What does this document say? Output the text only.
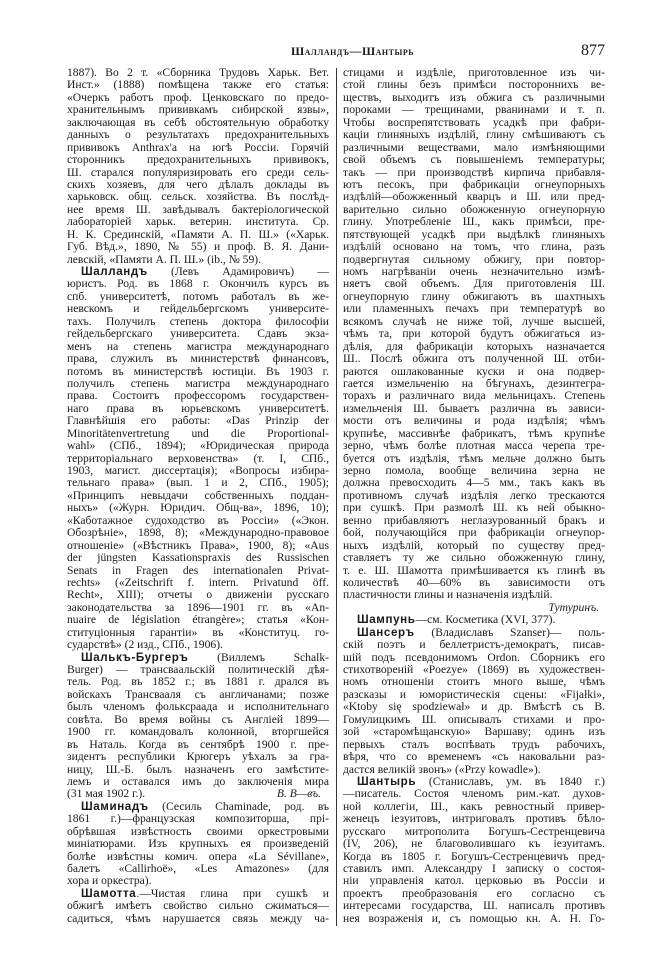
Шалландъ—Шантырь	877
1887). Во 2 т. «Сборника Трудовъ Харьк. Вет.
Инст.» (1888) помѣщена также его статья:
«Очеркъ работъ проф. Ценковскаго по предо-
хранительнымъ прививкамъ сибирской язвы»,
заключающая въ себѣ обстоятельную обработку
данныхъ о результатахъ предохранительныхъ
прививокъ Anthrax'а на югѣ Россіи. Горячій
сторонникъ предохранительныхъ прививокъ,
Ш. старался популяризировать его среди сель-
скихъ хозяевъ, для чего дѣлалъ доклады въ
харьковск. общ. сельск. хозяйства. Въ послѣд-
нее время Ш. завѣдывалъ бактеріологической
лабораторіей харьк. ветерин. института. Ср.
Н. К. Срединскій, «Памяти А. П. Ш.» («Харьк.
Губ. Вѣд.», 1890, № 55) и проф. В. Я. Дани-
левскій, «Памяти А. П. Ш.» (ib., № 59).
Шалландъ (Левъ Адамировичъ) —
юристъ. Род. въ 1868 г. Окончилъ курсъ въ
спб. университетѣ, потомъ работалъ въ же-
невскомъ и гейдельбергскомъ университе-
тахъ. Получилъ степень доктора философіи
гейдельбергскаго университета. Сдавъ экза-
менъ на степень магистра международнаго
права, служилъ въ министерствѣ финансовъ,
потомъ въ министерствѣ юстиціи. Въ 1903 г.
получилъ степень магистра международнаго
права. Состоитъ профессоромъ государствен-
наго права въ юрьевскомъ университетѣ.
Главнѣйшія его работы: «Das Prinzip der
Minoritätenvertretung und die Proportional-
wahl» (СПб., 1894); «Юридическая природа
территоріальнаго верховенства» (т. I, СПб.,
1903, магист. диссертація); «Вопросы избира-
тельнаго права» (вып. 1 и 2, СПб., 1905);
«Принципъ невыдачи собственныхъ поддан-
ныхъ» («Журн. Юридич. Общ-ва», 1896, 10);
«Каботажное судоходство въ Россіи» («Экон.
Обозрѣніе», 1898, 8); «Международно-правовое
отношеніе» («Вѣстникъ Права», 1900, 8); «Aus
der jüngsten Kassationspraxis des Russischen
Senats in Fragen des internationalen Privat-
rechts» («Zeitschrift f. intern. Privatund öff.
Recht», XIII); отчеты о движеніи русскаго
законодательства за 1896—1901 гг. въ «An-
nuaire de législation étrangère»; статья «Кон-
ституціонныя гарантіи» въ «Конституц. го-
сударствѣ» (2 изд., СПб., 1906).
Шалькъ-Бургеръ (Виллемъ Schalk-
Burger) — трансваальскій политическій дѣя-
тель. Род. въ 1852 г.; въ 1881 г. дрался въ
войскахъ Трансвааля съ англичанами; позже
былъ членомъ фольксраада и исполнительнаго
совѣта. Во время войны съ Англіей 1899—
1900 гг. командовалъ колонной, вторгшейся
въ Наталь. Когда въ сентябрѣ 1900 г. пре-
зидентъ республики Крюгеръ уѣхалъ за гра-
ницу, Ш.-Б. былъ назначенъ его замѣстите-
лемъ и оставался имъ до заключенія мира
(31 мая 1902 г.).	В. В—въ.
Шаминадъ (Сесиль Chaminade, род. въ
1861 г.)—французская композиторша, прі-
обрѣвшая извѣстность своими оркестровыми
миніатюрами. Изъ крупныхъ ея произведеній
болѣе извѣстны комич. опера «La Sévillane»,
балетъ «Callirhoë», «Les Amazones» (для
хора и оркестра).
Шамотта.—Чистая глина при сушкѣ и
обжигѣ имѣетъ свойство сильно сжиматься—
садиться, чѣмъ нарушается связь между ча-
стицами и издѣліе, приготовленное изъ чи-
стой глины безъ примѣси постороннихъ ве-
ществъ, выходитъ изъ обжига съ различными
пороками — трещинами, рванинами и т. п.
Чтобы воспрепятствовать усадкѣ при фабри-
каціи глиняныхъ издѣлій, глину смѣшиваютъ съ
различными веществами, мало измѣняющими
свой объемъ съ повышеніемъ температуры;
такъ — при производствѣ кирпича прибавля-
ютъ песокъ, при фабрикаціи огнеупорныхъ
издѣлій—обожженный кварцъ и Ш. или пред-
варительно сильно обожженную огнеупорную
глину. Употребленіе Ш., какъ примѣси, пре-
пятствующей усадкѣ при выдѣлкѣ глиняныхъ
издѣлій основано на томъ, что глина, разъ
подвергнутая сильному обжигу, при повтор-
номъ нагрѣваніи очень незначительно измѣ-
няетъ свой объемъ. Для приготовленія Ш.
огнеупорную глину обжигаютъ въ шахтныхъ
или пламенныхъ печахъ при температурѣ во
всякомъ случаѣ не ниже той, лучше высшей,
чѣмъ та, при которой будутъ обжигаться из-
дѣлія, для фабрикаціи которыхъ назначается
Ш.. Послѣ обжига отъ полученной Ш. отби-
раются ошлакованные куски и она подвер-
гается измельченію на бѣгунахъ, дезинтегра-
торахъ и различнаго вида мельницахъ. Степень
измельченія Ш. бываетъ различна въ зависи-
мости отъ величины и рода издѣлія; чѣмъ
крупнѣе, массивнѣе фабрикатъ, тѣмъ крупнѣе
зерно, чѣмъ болѣе плотная масса черепа тре-
буется отъ издѣлія, тѣмъ мельче должно быть
зерно помола, вообще величина зерна не
должна превосходить 4—5 мм., такъ какъ въ
противномъ случаѣ издѣлія легко трескаются
при сушкѣ. При размолѣ Ш. къ ней обыкно-
венно прибавляютъ неглазурованный бракъ и
бой, получающійся при фабрикаціи огнеупор-
ныхъ издѣлій, который по существу пред-
ставляетъ ту же сильно обожженную глину,
т. е. Ш. Шамотта примѣшивается къ глинѣ въ
количествѣ 40—60% въ зависимости отъ
пластичности глины и назначенія издѣлій.
Тутуринъ.
Шампунь—см. Косметика (XVI, 377).
Шансеръ (Владиславъ Szanser)— поль-
скій поэтъ и беллетристъ-демократъ, писав-
шій подъ псевдонимомъ Ordon. Сборникъ его
стихотвореній «Poezye» (1869) въ художествен-
номъ отношеніи стоитъ много выше, чѣмъ
разсказы и юмористическія сцены: «Fijałki»,
«Ktoby się spodziewał» и др. Вмѣстѣ съ В.
Гомулицкимъ Ш. описывалъ стихами и про-
зой «старомѣщанскую» Варшаву; одинъ изъ
первыхъ сталъ воспѣвать трудъ рабочихъ,
вѣря, что со временемъ «съ наковальни раз-
дастся великій звонъ» («Przy kowadle»).
Шантырь (Станиславъ, ум. въ 1840 г.)
—писатель. Состоя членомъ рим.-кат. духов-
ной коллегіи, Ш., какъ ревностный привер-
женецъ іезуитовъ, интриговалъ противъ бѣло-
русскаго митрополита Богушъ-Сестренцевича
(IV, 206), не благоволившаго къ іезуитамъ.
Когда въ 1805 г. Богушъ-Сестренцевичъ пред-
ставилъ имп. Александру I записку о состоя-
ніи управленія катол. церковью въ Россіи и
проектъ преобразованія его согласно съ
интересами государства, Ш. написалъ противъ
нея возраженія и, съ помощью кн. А. Н. Го-
